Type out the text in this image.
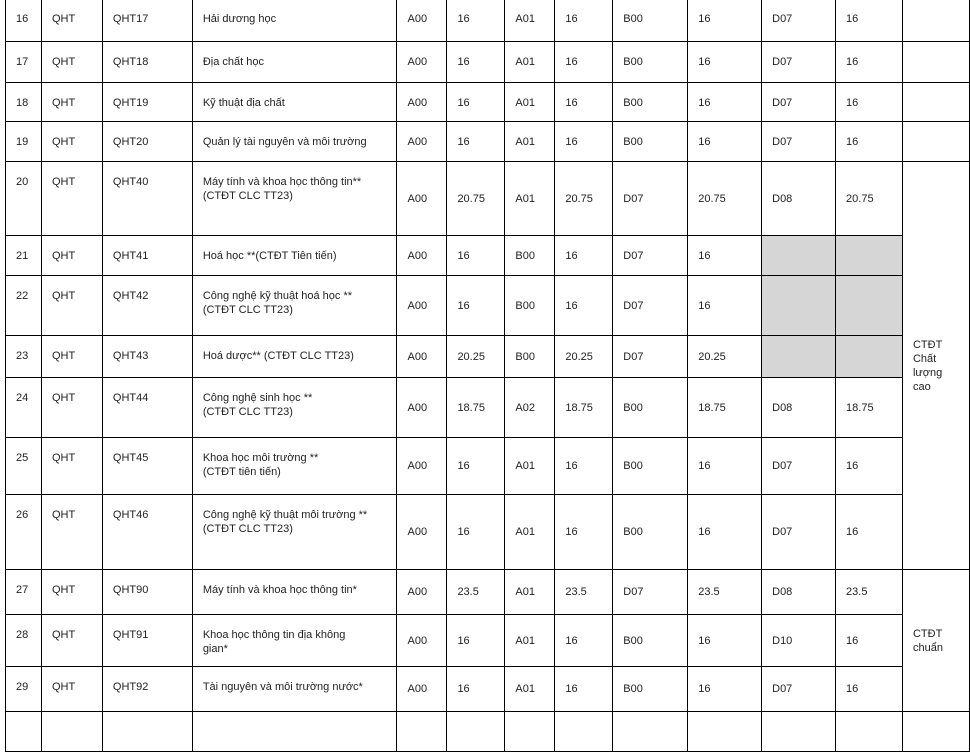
16	QHT	QHT17	Hải dương học	A00	16	A01	16	B00	16	D07	16	
17	QHT	QHT18	Địa chất học	A00	16	A01	16	B00	16	D07	16	
18	QHT	QHT19	Kỹ thuật địa chất	A00	16	A01	16	B00	16	D07	16	
19	QHT	QHT20	Quản lý tài nguyên và môi trường	A00	16	A01	16	B00	16	D07	16	
20	QHT	QHT40	Máy tính và khoa học thông tin**
(CTĐT CLC TT23)	A00	20.75	A01	20.75	D07	20.75	D08	20.75	CTĐT
Chất
lượng
cao
21	QHT	QHT41	Hoá học **(CTĐT Tiên tiến)	A00	16	B00	16	D07	16			
22	QHT	QHT42	Công nghệ kỹ thuật hoá học **
(CTĐT CLC TT23)	A00	16	B00	16	D07	16			
23	QHT	QHT43	Hoá dược** (CTĐT CLC TT23)	A00	20.25	B00	20.25	D07	20.25			
24	QHT	QHT44	Công nghệ sinh học **
(CTĐT CLC TT23)	A00	18.75	A02	18.75	B00	18.75	D08	18.75	
25	QHT	QHT45	Khoa học môi trường **
(CTĐT tiên tiến)	A00	16	A01	16	B00	16	D07	16	
26	QHT	QHT46	Công nghệ kỹ thuật môi trường **
(CTĐT CLC TT23)	A00	16	A01	16	B00	16	D07	16	
27	QHT	QHT90	Máy tính và khoa học thông tin*	A00	23.5	A01	23.5	D07	23.5	D08	23.5	CTĐT
chuẩn
28	QHT	QHT91	Khoa học thông tin địa không
gian*	A00	16	A01	16	B00	16	D10	16	
29	QHT	QHT92	Tài nguyên và môi trường nước*	A00	16	A01	16	B00	16	D07	16	
